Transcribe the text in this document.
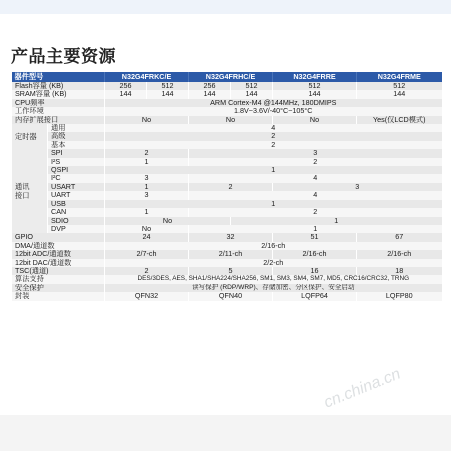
产品主要资源
器件型号		N32G4FRKC/E		N32G4FRHC/E		N32G4FRRE	N32G4FRME
Flash容量 (KB)		256	512	256	512	512	512
SRAM容量 (KB)		144	144	144	144	144	144
CPU频率		ARM Cortex-M4 @144MHz, 180DMIPS					
工作环境		1.8V~3.6V/-40°C~105°C					
内存扩展接口		No		No		No	Yes(仅LCD模式)
定时器	通用	4					
	高级	2					
	基本	2					
通讯
接口	SPI	2		3			
	I²S	1		2			
	QSPI	1					
	I²C	3		4			
	USART	1		2		3	
	UART	3		4			
	USB	1					
	CAN	1		2			
	SDIO	No			1		
	DVP	No		1			
GPIO		24		32		51	67
DMA/通道数		2/16-ch					
12bit ADC/通道数		2/7-ch		2/11-ch		2/16-ch	2/16-ch
12bit DAC/通道数		2/2-ch					
TSC(通道)		2		5		16	18
算法支持		DES/3DES, AES, SHA1/SHA224/SHA256, SM1, SM3, SM4, SM7, MD5, CRC16/CRC32, TRNG					
安全保护		读写保护 (RDP/WRP)、存储加密、分区保护、安全启动					
封装		QFN32		QFN40		LQFP64	LQFP80
cn.china.cn
